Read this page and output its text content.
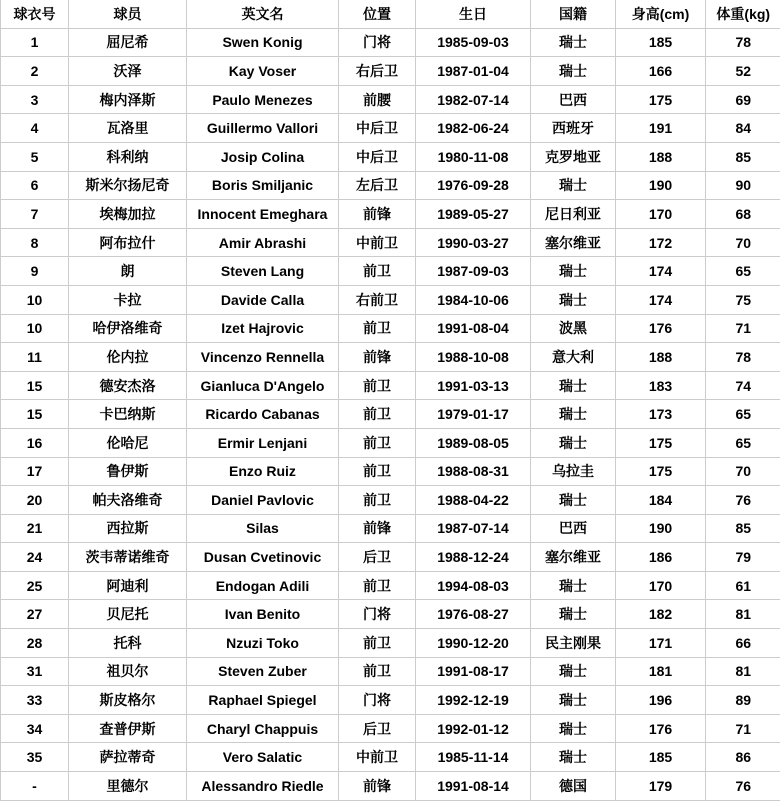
球衣号	球员	英文名	位置	生日	国籍	身高(cm)	体重(kg)
1	屈尼希	Swen Konig	门将	1985-09-03	瑞士	185	78
2	沃泽	Kay Voser	右后卫	1987-01-04	瑞士	166	52
3	梅内泽斯	Paulo Menezes	前腰	1982-07-14	巴西	175	69
4	瓦洛里	Guillermo Vallori	中后卫	1982-06-24	西班牙	191	84
5	科利纳	Josip Colina	中后卫	1980-11-08	克罗地亚	188	85
6	斯米尔扬尼奇	Boris Smiljanic	左后卫	1976-09-28	瑞士	190	90
7	埃梅加拉	Innocent Emeghara	前锋	1989-05-27	尼日利亚	170	68
8	阿布拉什	Amir Abrashi	中前卫	1990-03-27	塞尔维亚	172	70
9	朗	Steven Lang	前卫	1987-09-03	瑞士	174	65
10	卡拉	Davide Calla	右前卫	1984-10-06	瑞士	174	75
10	哈伊洛维奇	Izet Hajrovic	前卫	1991-08-04	波黑	176	71
11	伦内拉	Vincenzo Rennella	前锋	1988-10-08	意大利	188	78
15	德安杰洛	Gianluca D'Angelo	前卫	1991-03-13	瑞士	183	74
15	卡巴纳斯	Ricardo Cabanas	前卫	1979-01-17	瑞士	173	65
16	伦哈尼	Ermir Lenjani	前卫	1989-08-05	瑞士	175	65
17	鲁伊斯	Enzo Ruiz	前卫	1988-08-31	乌拉圭	175	70
20	帕夫洛维奇	Daniel Pavlovic	前卫	1988-04-22	瑞士	184	76
21	西拉斯	Silas	前锋	1987-07-14	巴西	190	85
24	茨韦蒂诺维奇	Dusan Cvetinovic	后卫	1988-12-24	塞尔维亚	186	79
25	阿迪利	Endogan Adili	前卫	1994-08-03	瑞士	170	61
27	贝尼托	Ivan Benito	门将	1976-08-27	瑞士	182	81
28	托科	Nzuzi Toko	前卫	1990-12-20	民主刚果	171	66
31	祖贝尔	Steven Zuber	前卫	1991-08-17	瑞士	181	81
33	斯皮格尔	Raphael Spiegel	门将	1992-12-19	瑞士	196	89
34	查普伊斯	Charyl Chappuis	后卫	1992-01-12	瑞士	176	71
35	萨拉蒂奇	Vero Salatic	中前卫	1985-11-14	瑞士	185	86
-	里德尔	Alessandro Riedle	前锋	1991-08-14	德国	179	76
